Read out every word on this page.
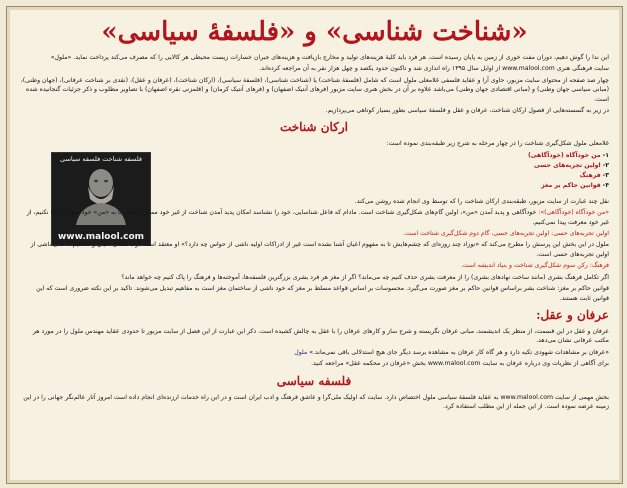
«شناخت شناسی» و «فلسفهٔ سیاسی»
فلسفه شناخت فلسفه سیاسی
www.malool.com

این ندا را گوش دهیم، دوران مفت خوری از زمین به پایان رسیده است. هر فرد باید کلیهٔ هزینه‌های تولید و مخارج بازیافت و هزینه‌های جبران خسارات زیست محیطی هر کالایی را که مصرف می‌کند پرداخت نماید. «ملول»

سایت فرهنگی هنری www.malool.com از اوایل سال ۱۳۹۵ راه اندازی شد و تاکنون حدود یکصد و چهل هزار نفر به آن مراجعه کرده‌اند.

چهار صد صفحه از محتوای سایت مزبور، حاوی آرا و عقاید فلسفی غلامعلی ملول است که شامل (فلسفهٔ شناخت) یا (شناخت شناسی)، (فلسفهٔ سیاسی)، (ارکان شناخت)، (عرفان و عقل)، (نقدی بر شناخت عرفانی)، (جهان وطنی)، (مبانی سیاسی جهان وطنی) و (مبانی اقتصادی جهان وطنی) می‌باشد علاوه بر آن در بخش هنری سایت مزبور (فرهای آنتیک اصفهان) و (فرهای آنتیک کرمان) و (قلمزنی نقره اصفهان) با تصاویر مطلوب و ذکر جزئیات گنجانیده شده است.

در زیر به گسسته‌هایی از فصول ارکان شناخت، عرفان و عقل و فلسفهٔ سیاسی بطور بسیار کوتاهی می‌پردازیم.

ارکان شناخت

غلامعلی ملول شکل‌گیری شناخت را در چهار مرحله به شرح زیر طبقه‌بندی نموده است:

۱-من خودآگاه (خودآگاهی)
۲-اولین تجربه‌های حسی
۳-فرهنگ
۴-قوانین حاکم بر مغز

نقل چند عبارت از سایت مزبور، طبقه‌بندی ارکان شناخت را که توسط وی انجام شده روشن می‌کند.

«من خودآگاه (خودآگاهی)»: خودآگاهی و پدید آمدن «من»، اولین گام‌های شکل‌گیری شناخت است. مادام که فاعل شناسایی، خود را نشناسد امکان پدید آمدن شناخت از غیر خود ممکن نیست. تا به «من» خود معرفت پیدا نکنیم، از غیر خود معرفت پیدا نمی‌کنیم.

اولین تجربه‌های حسی: اولین تجربه‌های حسی، گام دوم شکل‌گیری شناخت است.

ملول در این بخش این پرسش را مطرح می‌کند که «نوزاد چند روزه‌ای که چشم‌هایش تا به مفهوم اعیان آشنا نشده است غیر از ادراکات اولیه ناشی از حواس چه دارد؟» او معتقد است درک همه‌ی اعیان و مفاهیم تا حدی ناشی از اولین تجربه‌های حسی است.

فرهنگ: رکن سوم شکل‌گیری شناخت و بنیاد اندیشه است.

اگر تکامل فرهنگ بشری (مانند ساخت نهادهای بشری) را از معرفت بشری حذف کنیم چه می‌ماند؟ اگر از مغز هر فرد بشری بزرگترین فلسفه‌ها، آموخته‌ها و فرهنگ را پاک کنیم چه خواهد ماند؟

قوانین حاکم بر مغز: شناخت بشر براساس قوانین حاکم بر مغز صورت می‌گیرد. محسوسات بر اساس قواعد مسلط بر مغز که خود ناشی از ساختمان مغز است به مفاهیم تبدیل می‌شوند. تاکید بر این نکته ضروری است که این قوانین ثابت هستند.

عرفان و عقل:

عرفان و عقل در این قسمت، از منظر یک اندیشمند، مبانی عرفان نگریسته و شرح ساز و کارهای عرفان را با عقل به چالش کشیده است. ذکر این عبارت از این فصل از سایت مزبور تا حدودی عقاید مهندس ملول را در مورد هر مکتب عرفانی نشان می‌دهد.

«عرفان بر مشاهدات شهودی تکیه دارد و هر گاه کار عرفان به مشاهده برسد دیگر جای هیچ استدلالی باقی نمی‌ماند.» ملول

برای آگاهی از نظریات وی درباره عرفان به سایت www.malool.com بخش «عرفان در محکمه عقل» مراجعه کنید.

فلسفه سیاسی

بخش مهمی از سایت www.malool.com به عقاید فلسفهٔ سیاسی ملول اختصاص دارد. سایت که اولیک ملی‌گرا و عاشق فرهنگ و ادب ایران است و در این راه خدمات ارزنده‌ای انجام داده است امروز آثار عالم‌نگر جهانی را در این زمینه عرضه نموده است. از این جمله از این مطلب استفاده کرد.
